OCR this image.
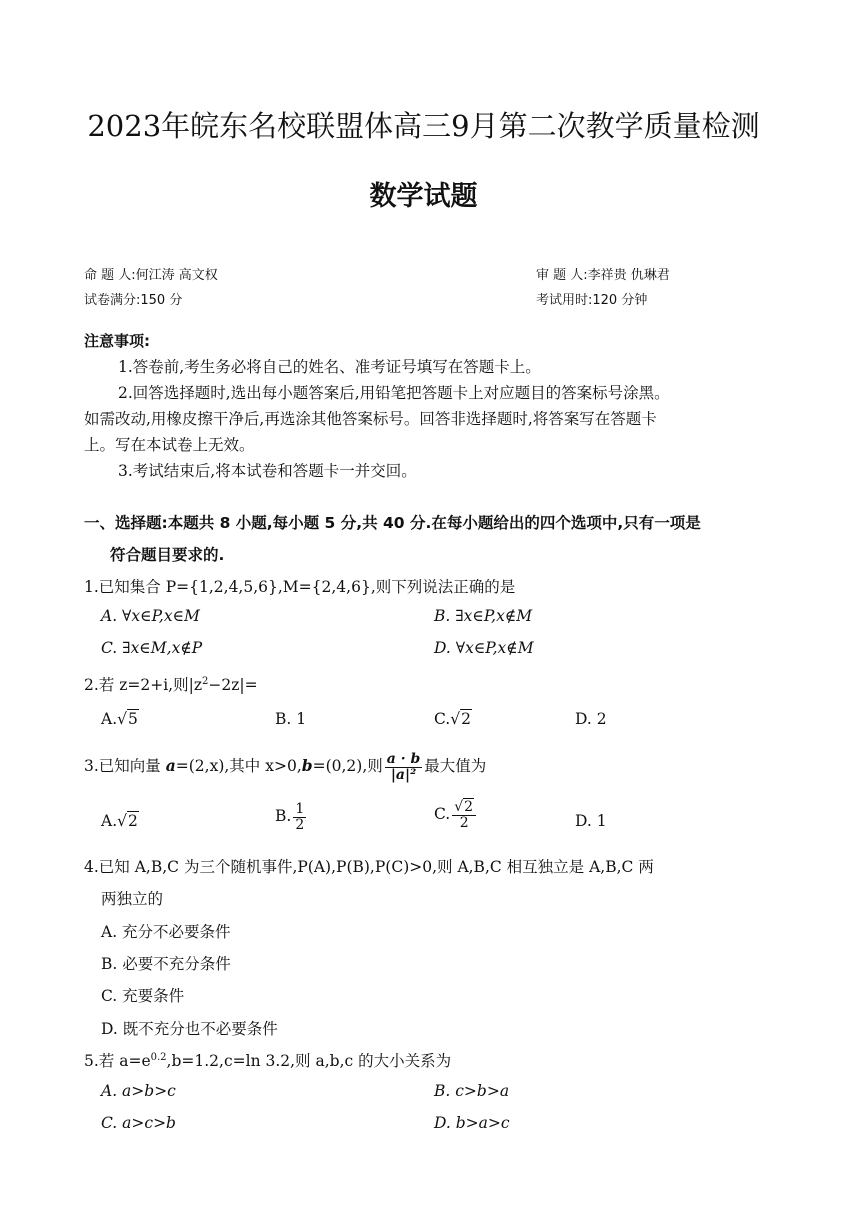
2023年皖东名校联盟体高三9月第二次教学质量检测
数学试题
命 题 人:何江涛 高文权	审 题 人:李祥贵 仇琳君
试卷满分:150 分	考试用时:120 分钟
注意事项:
1.答卷前,考生务必将自己的姓名、准考证号填写在答题卡上。
2.回答选择题时,选出每小题答案后,用铅笔把答题卡上对应题目的答案标号涂黑。
如需改动,用橡皮擦干净后,再选涂其他答案标号。回答非选择题时,将答案写在答题卡
上。写在本试卷上无效。
3.考试结束后,将本试卷和答题卡一并交回。
一、选择题:本题共 8 小题,每小题 5 分,共 40 分.在每小题给出的四个选项中,只有一项是
符合题目要求的.
1.已知集合 P={1,2,4,5,6},M={2,4,6},则下列说法正确的是
A. ∀x∈P,x∈M	B. ∃x∈P,x∉M
C. ∃x∈M,x∉P	D. ∀x∈P,x∉M
2.若 z=2+i,则$|z^2-2z|=$
A.√5	B. 1	C.√2	D. 2
3.已知向量 a=(2,x),其中 x>0,b=(0,2),则 $\frac{a \cdot b}{\text{|a|²}}$ 最大值为
A.√2	B. $\frac{1}{2}$	C. $\frac{√2}{2}$	D. 1
4.已知 A,B,C 为三个随机事件,P(A),P(B),P(C)>0,则 A,B,C 相互独立是 A,B,C 两
两独立的
A. 充分不必要条件
B. 必要不充分条件
C. 充要条件
D. 既不充分也不必要条件
5.若 $a=e^{0.2},b=1.2,c=\ln$ 3.2,则 a,b,c 的大小关系为
A. a>b>c	B. c>b>a
C. a>c>b	D. b>a>c
